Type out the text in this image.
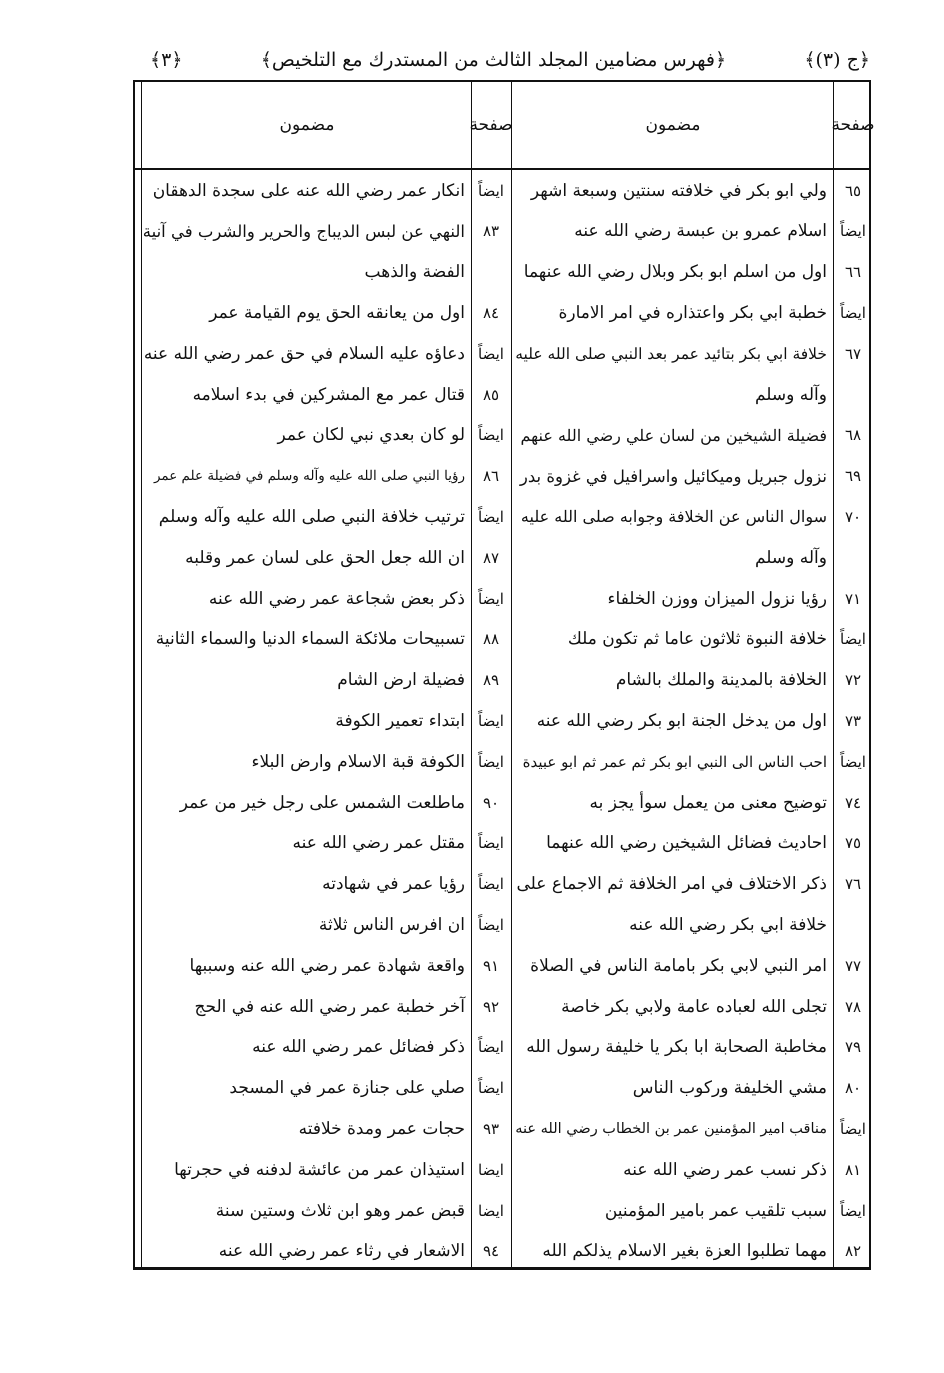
﴿ج (٣)﴾
﴿فهرس مضامين المجلد الثالث من المستدرك مع التلخيص﴾
﴿٣﴾
صفحة
مضمون
صفحة
مضمون
٦٥
ولي ابو بكر في خلافته سنتين وسبعة اشهر
ايضاً
انكار عمر رضي الله عنه على سجدة الدهقان
ايضاً
اسلام عمرو بن عبسة رضي الله عنه
٨٣
النهي عن لبس الديباج والحرير والشرب في آنية
٦٦
اول من اسلم ابو بكر وبلال رضي الله عنهما
الفضة والذهب
ايضاً
خطبة ابي بكر واعتذاره في امر الامارة
٨٤
اول من يعانقه الحق يوم القيامة عمر
٦٧
خلافة ابي بكر بتائيد عمر بعد النبي صلى الله عليه
ايضاً
دعاؤه عليه السلام في حق عمر رضي الله عنه
وآله وسلم
٨٥
قتال عمر مع المشركين في بدء اسلامه
٦٨
فضيلة الشيخين من لسان علي رضي الله عنهم
ايضاً
لو كان بعدي نبي لكان عمر
٦٩
نزول جبريل وميكائيل واسرافيل في غزوة بدر
٨٦
رؤيا النبي صلى الله عليه وآله وسلم في فضيلة علم عمر
٧٠
سوال الناس عن الخلافة وجوابه صلى الله عليه
ايضاً
ترتيب خلافة النبي صلى الله عليه وآله وسلم
وآله وسلم
٨٧
ان الله جعل الحق على لسان عمر وقلبه
٧١
رؤيا نزول الميزان ووزن الخلفاء
ايضاً
ذكر بعض شجاعة عمر رضي الله عنه
ايضاً
خلافة النبوة ثلاثون عاما ثم تكون ملك
٨٨
تسبيحات ملائكة السماء الدنيا والسماء الثانية
٧٢
الخلافة بالمدينة والملك بالشام
٨٩
فضيلة ارض الشام
٧٣
اول من يدخل الجنة ابو بكر رضي الله عنه
ايضاً
ابتداء تعمير الكوفة
ايضاً
احب الناس الى النبي ابو بكر ثم عمر ثم ابو عبيدة
ايضاً
الكوفة قبة الاسلام وارض البلاء
٧٤
توضيح معنى من يعمل سوأ يجز به
٩٠
ماطلعت الشمس على رجل خير من عمر
٧٥
احاديث فضائل الشيخين رضي الله عنهما
ايضاً
مقتل عمر رضي الله عنه
٧٦
ذكر الاختلاف في امر الخلافة ثم الاجماع على
ايضاً
رؤيا عمر في شهادته
خلافة ابي بكر رضي الله عنه
ايضاً
ان افرس الناس ثلاثة
٧٧
امر النبي لابي بكر بامامة الناس في الصلاة
٩١
واقعة شهادة عمر رضي الله عنه وسببها
٧٨
تجلى الله لعباده عامة ولابي بكر خاصة
٩٢
آخر خطبة عمر رضي الله عنه في الحج
٧٩
مخاطبة الصحابة ابا بكر يا خليفة رسول الله
ايضاً
ذكر فضائل عمر رضي الله عنه
٨٠
مشي الخليفة وركوب الناس
ايضاً
صلي على جنازة عمر في المسجد
ايضاً
مناقب امير المؤمنين عمر بن الخطاب رضي الله عنه
٩٣
حجات عمر ومدة خلافته
٨١
ذكر نسب عمر رضي الله عنه
ايضا
استيذان عمر من عائشة لدفنه في حجرتها
ايضاً
سبب تلقيب عمر بامير المؤمنين
ايضا
قبض عمر وهو ابن ثلاث وستين سنة
٨٢
مهما تطلبوا العزة بغير الاسلام يذلكم الله
٩٤
الاشعار في رثاء عمر رضي الله عنه
